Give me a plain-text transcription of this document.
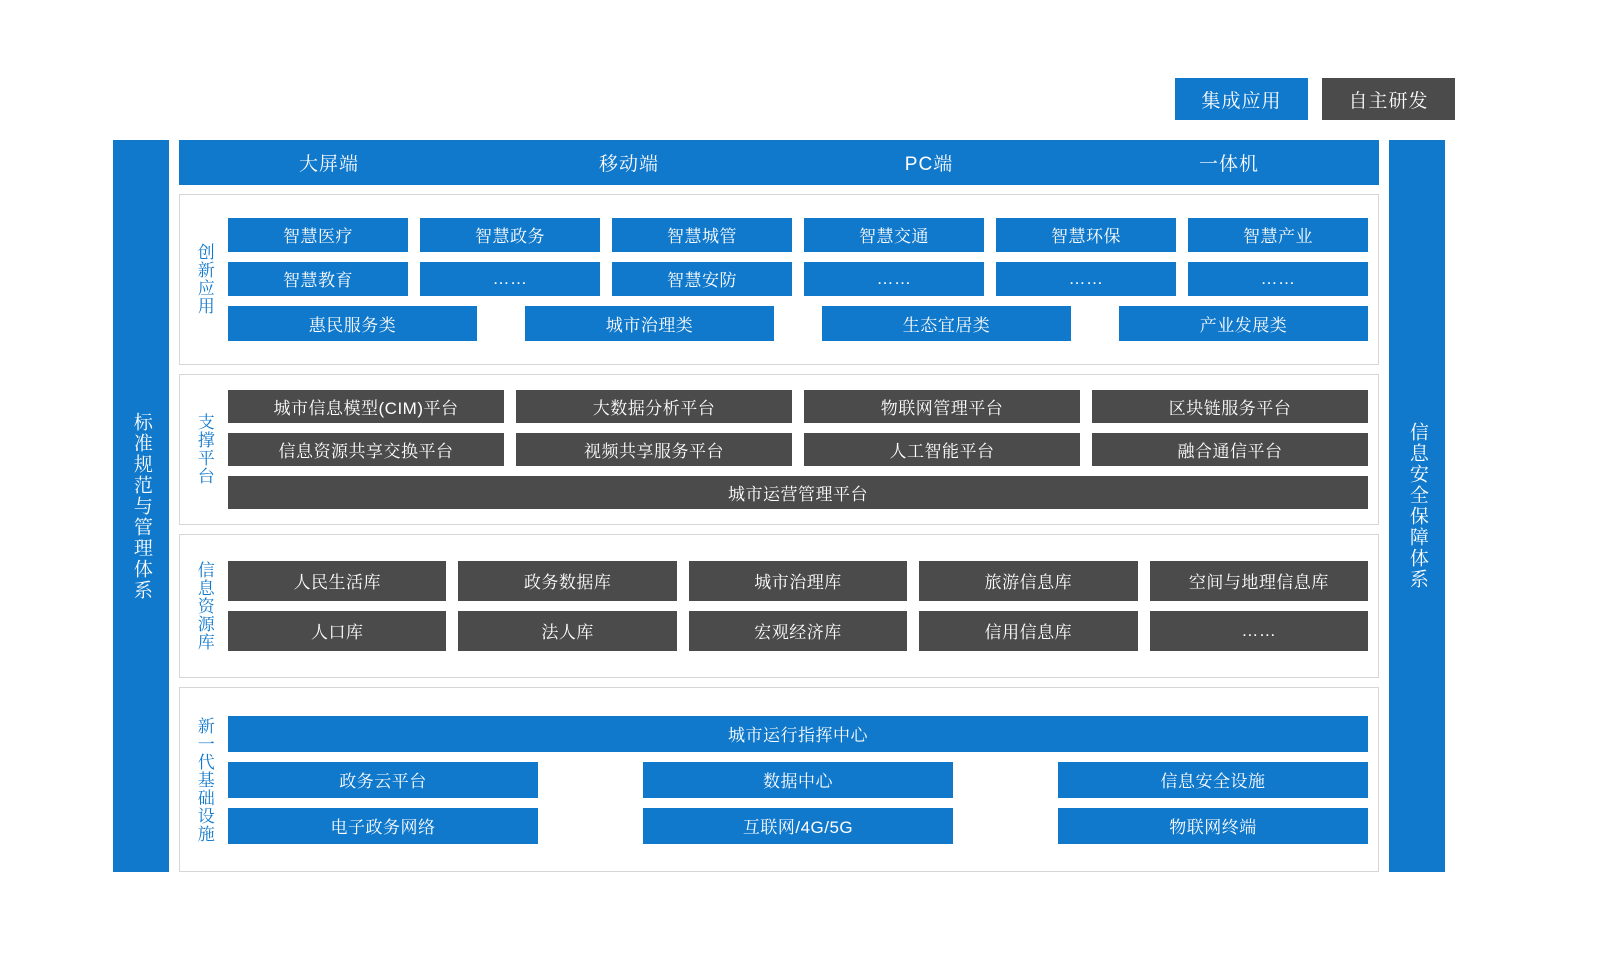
集成应用	自主研发
标准规范与管理体系
大屏端	移动端	PC端	一体机
创新应用
智慧医疗	智慧政务	智慧城管	智慧交通	智慧环保	智慧产业
智慧教育	……	智慧安防	……	……	……
惠民服务类	城市治理类	生态宜居类	产业发展类
支撑平台
城市信息模型(CIM)平台	大数据分析平台	物联网管理平台	区块链服务平台
信息资源共享交换平台	视频共享服务平台	人工智能平台	融合通信平台
城市运营管理平台
信息资源库	人民生活库	政务数据库	城市治理库	旅游信息库	空间与地理信息库
人口库	法人库	宏观经济库	信用信息库	……
新一代基础设施	城市运行指挥中心
政务云平台	数据中心	信息安全设施
电子政务网络	互联网/4G/5G	物联网终端
信息安全保障体系
